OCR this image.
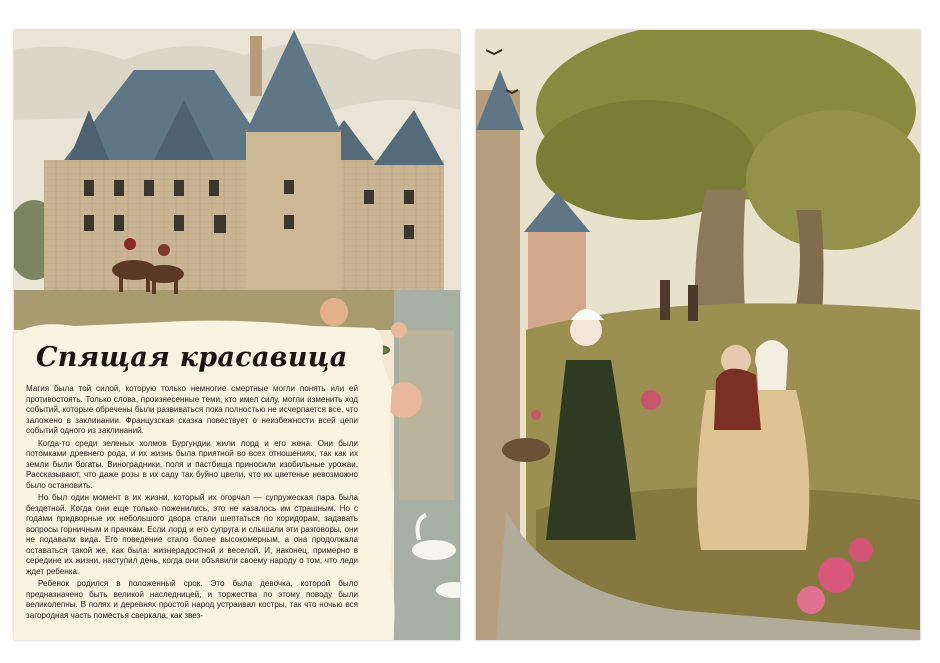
Спящая красавица

Магия была той силой, которую только немногие смертные могли понять или ей противостоять. Только слова, произнесенные теми, кто имел силу, могли изменить ход событий, которые обречены были развиваться пока полностью не исчерпается все, что заложено в заклинании. Французская сказка повествует о неизбежности всей цепи событий одного из заклинаний.

Когда-то среди зеленых холмов Бургундии жили лорд и его жена. Они были потомками древнего рода, и их жизнь была приятной во всех отношениях, так как их земли были богаты. Виноградники, поля и пастбища приносили изобильные урожаи. Рассказывают, что даже розы в их саду так буйно цвели, что их цветенье невозможно было остановить.

Но был один момент в их жизни, который их огорчал — супружеская пара была бездетной. Когда они еще только поженились, это не казалось им страшным. Но с годами придворные их небольшого двора стали шептаться по коридорам, задавать вопросы горничным и прачкам. Если лорд и его супруга и слышали эти разговоры, они не подавали вида. Его поведение стало более высокомерным, а она продолжала оставаться такой же, как была: жизнерадостной и веселой. И, наконец, примерно в середине их жизни, наступил день, когда они объявили своему народу о том, что леди ждет ребенка.

Ребенок родился в положенный срок. Это была девочка, которой было предназначено быть великой наследницей, и торжества по этому поводу были великолепны. В полях и деревнях простой народ устраивал костры, так что ночью вся загородная часть поместья сверкала, как звез-
